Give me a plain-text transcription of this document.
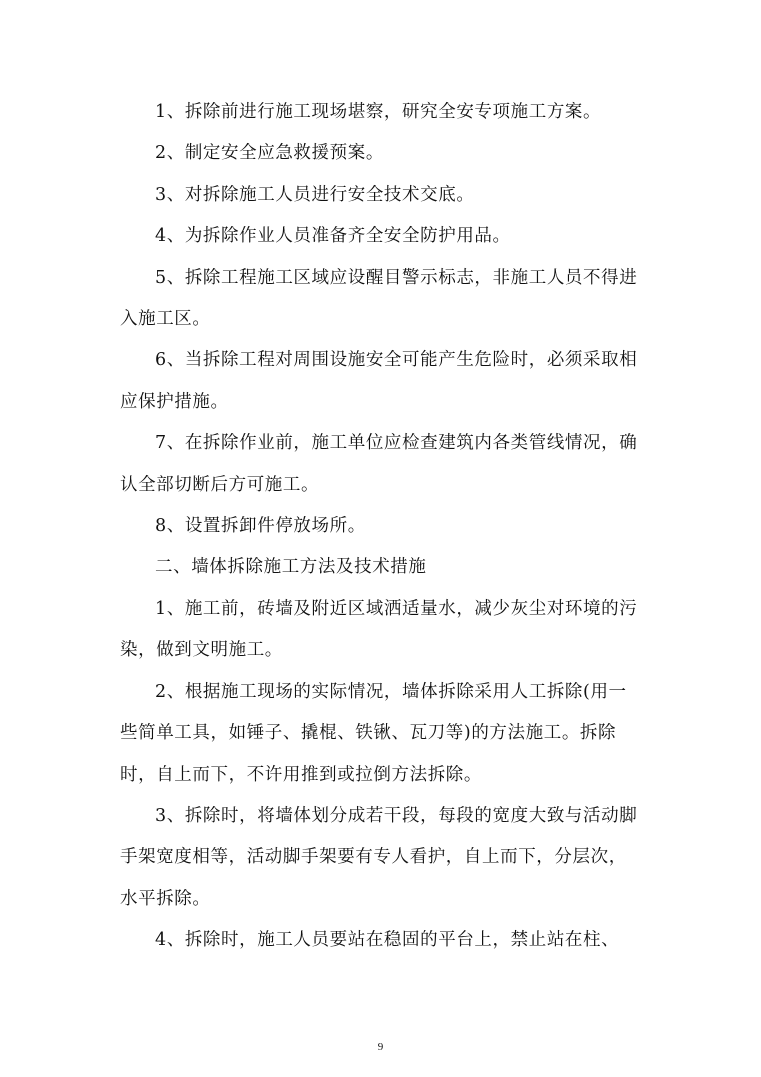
1、拆除前进行施工现场堪察，研究全安专项施工方案。

2、制定安全应急救援预案。

3、对拆除施工人员进行安全技术交底。

4、为拆除作业人员准备齐全安全防护用品。

5、拆除工程施工区域应设醒目警示标志，非施工人员不得进入施工区。

6、当拆除工程对周围设施安全可能产生危险时，必须采取相应保护措施。

7、在拆除作业前，施工单位应检查建筑内各类管线情况，确认全部切断后方可施工。

8、设置拆卸件停放场所。

二、墙体拆除施工方法及技术措施

1、施工前，砖墙及附近区域洒适量水，减少灰尘对环境的污染，做到文明施工。

2、根据施工现场的实际情况，墙体拆除采用人工拆除(用一些简单工具，如锤子、撬棍、铁锹、瓦刀等)的方法施工。拆除时，自上而下，不许用推到或拉倒方法拆除。

3、拆除时，将墙体划分成若干段，每段的宽度大致与活动脚手架宽度相等，活动脚手架要有专人看护，自上而下，分层次，水平拆除。

4、拆除时，施工人员要站在稳固的平台上，禁止站在柱、

9
